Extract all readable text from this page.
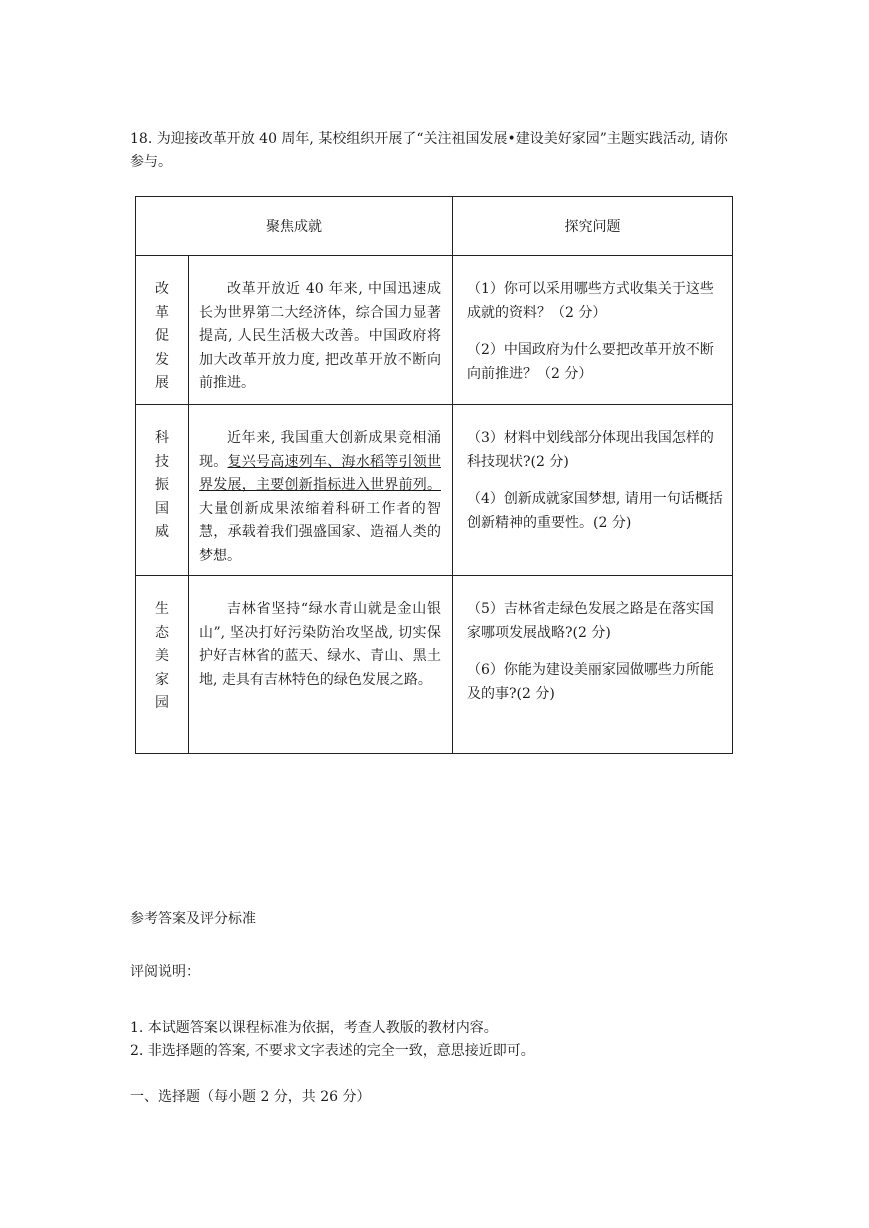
18. 为迎接改革开放 40 周年, 某校组织开展了“关注祖国发展•建设美好家园”主题实践活动, 请你参与。

聚焦成就		探究问题

改革促发展	改革开放近 40 年来, 中国迅速成长为世界第二大经济体，综合国力显著提高, 人民生活极大改善。中国政府将加大改革开放力度, 把改革开放不断向前推进。	（1）你可以采用哪些方式收集关于这些成就的资料？（2 分）
（2）中国政府为什么要把改革开放不断向前推进？（2 分）

科技振国威	近年来, 我国重大创新成果竞相涌现。复兴号高速列车、海水稻等引领世界发展，主要创新指标进入世界前列。大量创新成果浓缩着科研工作者的智慧，承载着我们强盛国家、造福人类的梦想。	（3）材料中划线部分体现出我国怎样的科技现状?(2 分)
（4）创新成就家国梦想, 请用一句话概括创新精神的重要性。(2 分)

生态美家园	吉林省坚持“绿水青山就是金山银山”, 坚决打好污染防治攻坚战, 切实保护好吉林省的蓝天、绿水、青山、黑土地, 走具有吉林特色的绿色发展之路。	（5）吉林省走绿色发展之路是在落实国家哪项发展战略?(2 分)
（6）你能为建设美丽家园做哪些力所能及的事?(2 分)

参考答案及评分标准

评阅说明：

1. 本试题答案以课程标准为依据，考查人教版的教材内容。

2. 非选择题的答案, 不要求文字表述的完全一致，意思接近即可。

一、选择题（每小题 2 分，共 26 分）
